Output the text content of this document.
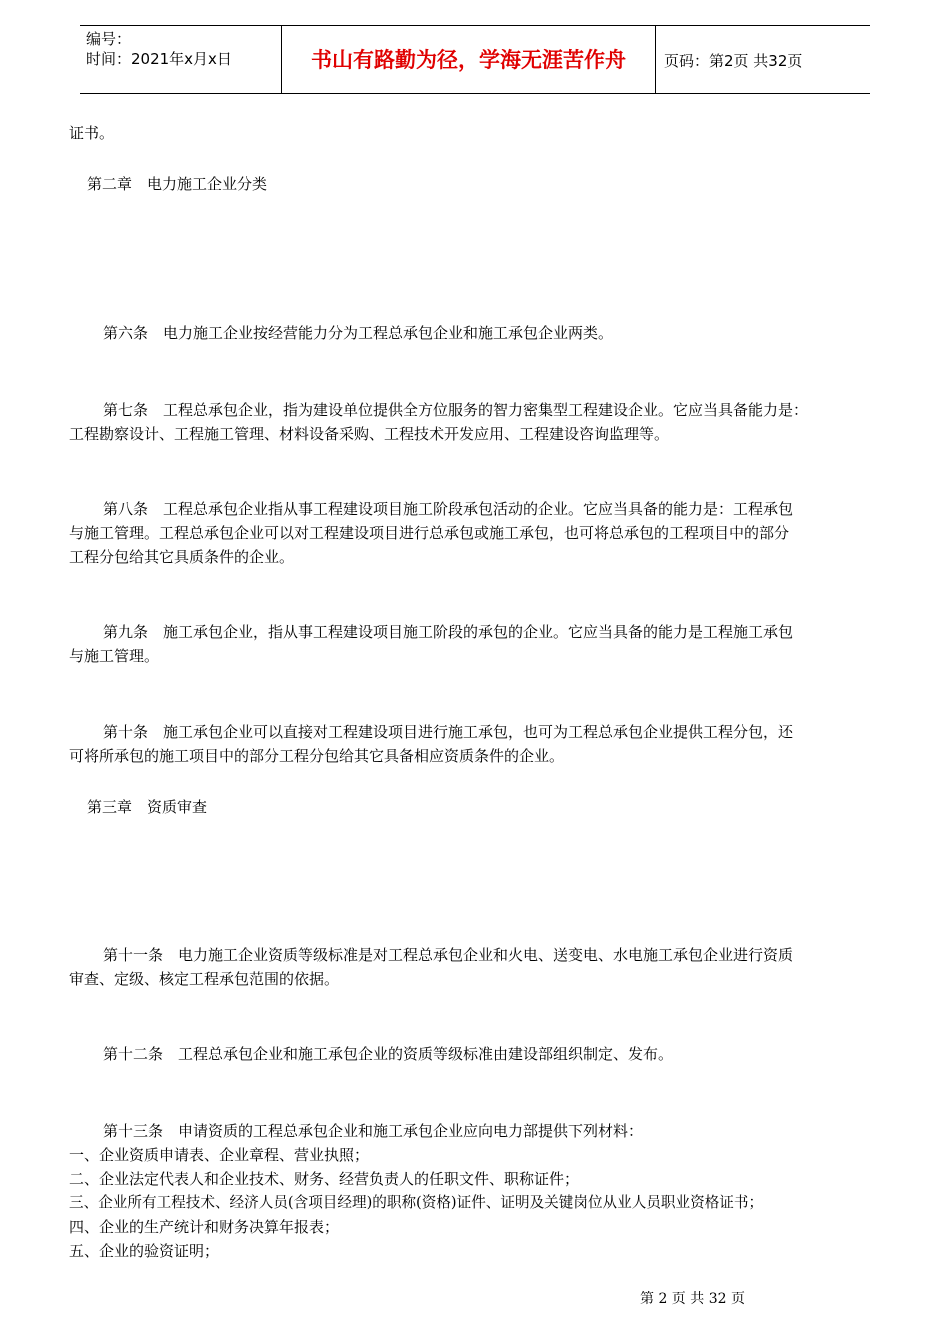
编号：
时间：2021年x月x日	书山有路勤为径，学海无涯苦作舟	页码：第2页 共32页
证书。
第二章　电力施工企业分类
第六条　电力施工企业按经营能力分为工程总承包企业和施工承包企业两类。
第七条　工程总承包企业，指为建设单位提供全方位服务的智力密集型工程建设企业。它应当具备能力是：
工程勘察设计、工程施工管理、材料设备采购、工程技术开发应用、工程建设咨询监理等。
第八条　工程总承包企业指从事工程建设项目施工阶段承包活动的企业。它应当具备的能力是：工程承包
与施工管理。工程总承包企业可以对工程建设项目进行总承包或施工承包，也可将总承包的工程项目中的部分
工程分包给其它具质条件的企业。
第九条　施工承包企业，指从事工程建设项目施工阶段的承包的企业。它应当具备的能力是工程施工承包
与施工管理。
第十条　施工承包企业可以直接对工程建设项目进行施工承包，也可为工程总承包企业提供工程分包，还
可将所承包的施工项目中的部分工程分包给其它具备相应资质条件的企业。
第三章　资质审查
第十一条　电力施工企业资质等级标准是对工程总承包企业和火电、送变电、水电施工承包企业进行资质
审查、定级、核定工程承包范围的依据。
第十二条　工程总承包企业和施工承包企业的资质等级标准由建设部组织制定、发布。
第十三条　申请资质的工程总承包企业和施工承包企业应向电力部提供下列材料：
一、企业资质申请表、企业章程、营业执照；
二、企业法定代表人和企业技术、财务、经营负责人的任职文件、职称证件；
三、企业所有工程技术、经济人员(含项目经理)的职称(资格)证件、证明及关键岗位从业人员职业资格证书；
四、企业的生产统计和财务决算年报表；
五、企业的验资证明；
第 2 页 共 32 页
